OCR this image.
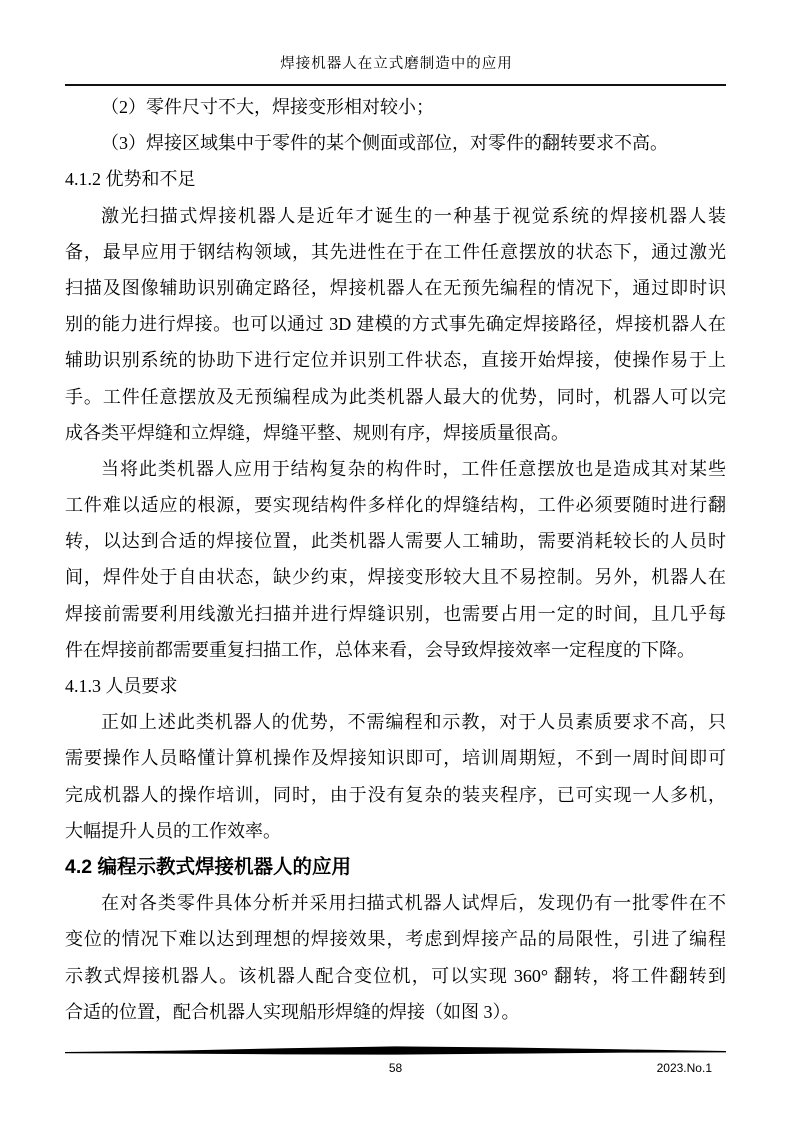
焊接机器人在立式磨制造中的应用
（2）零件尺寸不大，焊接变形相对较小；
（3）焊接区域集中于零件的某个侧面或部位，对零件的翻转要求不高。
4.1.2 优势和不足
激光扫描式焊接机器人是近年才诞生的一种基于视觉系统的焊接机器人装
备，最早应用于钢结构领域，其先进性在于在工件任意摆放的状态下，通过激光
扫描及图像辅助识别确定路径，焊接机器人在无预先编程的情况下，通过即时识
别的能力进行焊接。也可以通过 3D 建模的方式事先确定焊接路径，焊接机器人在
辅助识别系统的协助下进行定位并识别工件状态，直接开始焊接，使操作易于上
手。工件任意摆放及无预编程成为此类机器人最大的优势，同时，机器人可以完
成各类平焊缝和立焊缝，焊缝平整、规则有序，焊接质量很高。
当将此类机器人应用于结构复杂的构件时，工件任意摆放也是造成其对某些
工件难以适应的根源，要实现结构件多样化的焊缝结构，工件必须要随时进行翻
转，以达到合适的焊接位置，此类机器人需要人工辅助，需要消耗较长的人员时
间，焊件处于自由状态，缺少约束，焊接变形较大且不易控制。另外，机器人在
焊接前需要利用线激光扫描并进行焊缝识别，也需要占用一定的时间，且几乎每
件在焊接前都需要重复扫描工作，总体来看，会导致焊接效率一定程度的下降。
4.1.3 人员要求
正如上述此类机器人的优势，不需编程和示教，对于人员素质要求不高，只
需要操作人员略懂计算机操作及焊接知识即可，培训周期短，不到一周时间即可
完成机器人的操作培训，同时，由于没有复杂的装夹程序，已可实现一人多机，
大幅提升人员的工作效率。
4.2 编程示教式焊接机器人的应用
在对各类零件具体分析并采用扫描式机器人试焊后，发现仍有一批零件在不
变位的情况下难以达到理想的焊接效果，考虑到焊接产品的局限性，引进了编程
示教式焊接机器人。该机器人配合变位机，可以实现 360° 翻转，将工件翻转到
合适的位置，配合机器人实现船形焊缝的焊接（如图 3）。
58	2023.No.1
